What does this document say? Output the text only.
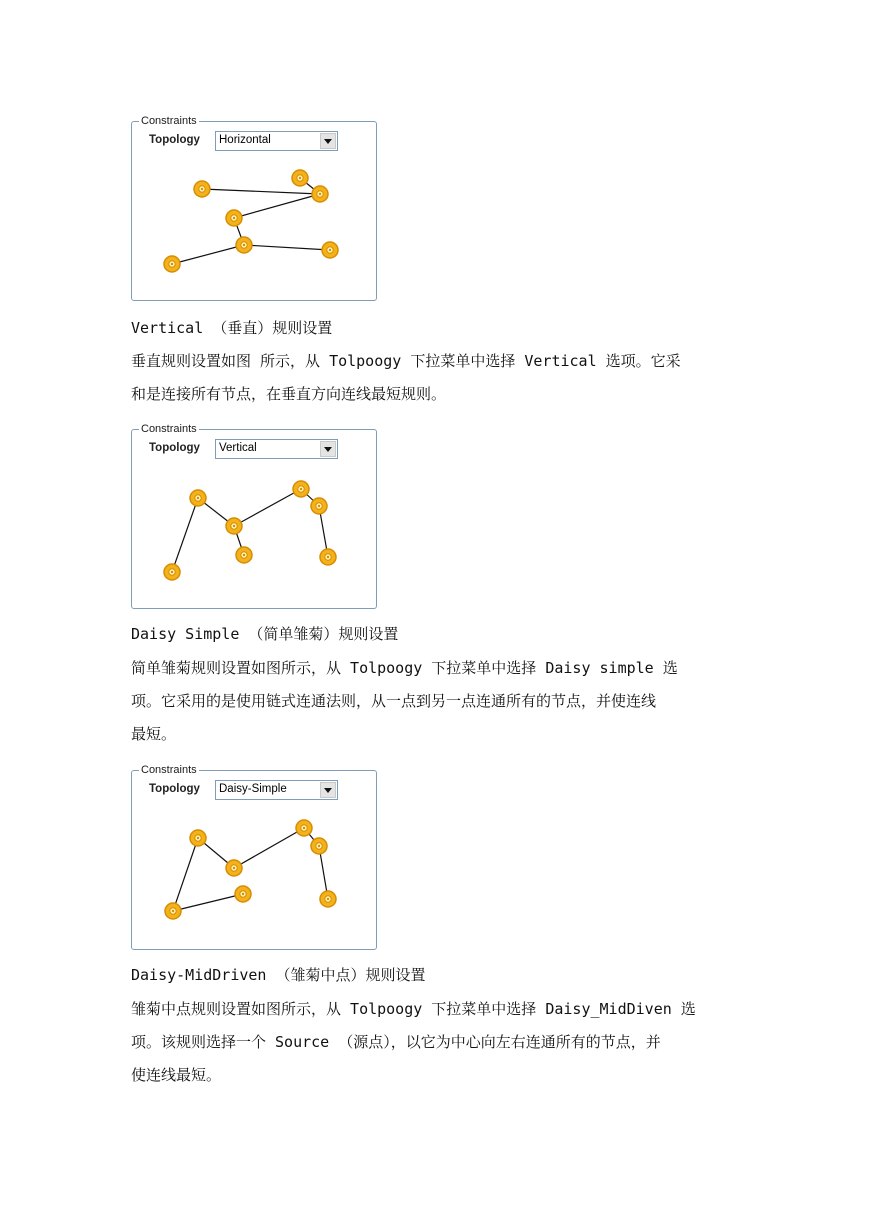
Constraints
Topology Horizontal
Vertical （垂直）规则设置
垂直规则设置如图 所示，从 Tolpoogy 下拉菜单中选择 Vertical 选项。它采
和是连接所有节点，在垂直方向连线最短规则。
Constraints
Topology Vertical
Daisy Simple （简单雏菊）规则设置
简单雏菊规则设置如图所示，从 Tolpoogy 下拉菜单中选择 Daisy simple 选
项。它采用的是使用链式连通法则，从一点到另一点连通所有的节点，并使连线
最短。
Constraints
Topology Daisy-Simple
Daisy-MidDriven （雏菊中点）规则设置
雏菊中点规则设置如图所示，从 Tolpoogy 下拉菜单中选择 Daisy_MidDiven 选
项。该规则选择一个 Source （源点），以它为中心向左右连通所有的节点，并
使连线最短。
